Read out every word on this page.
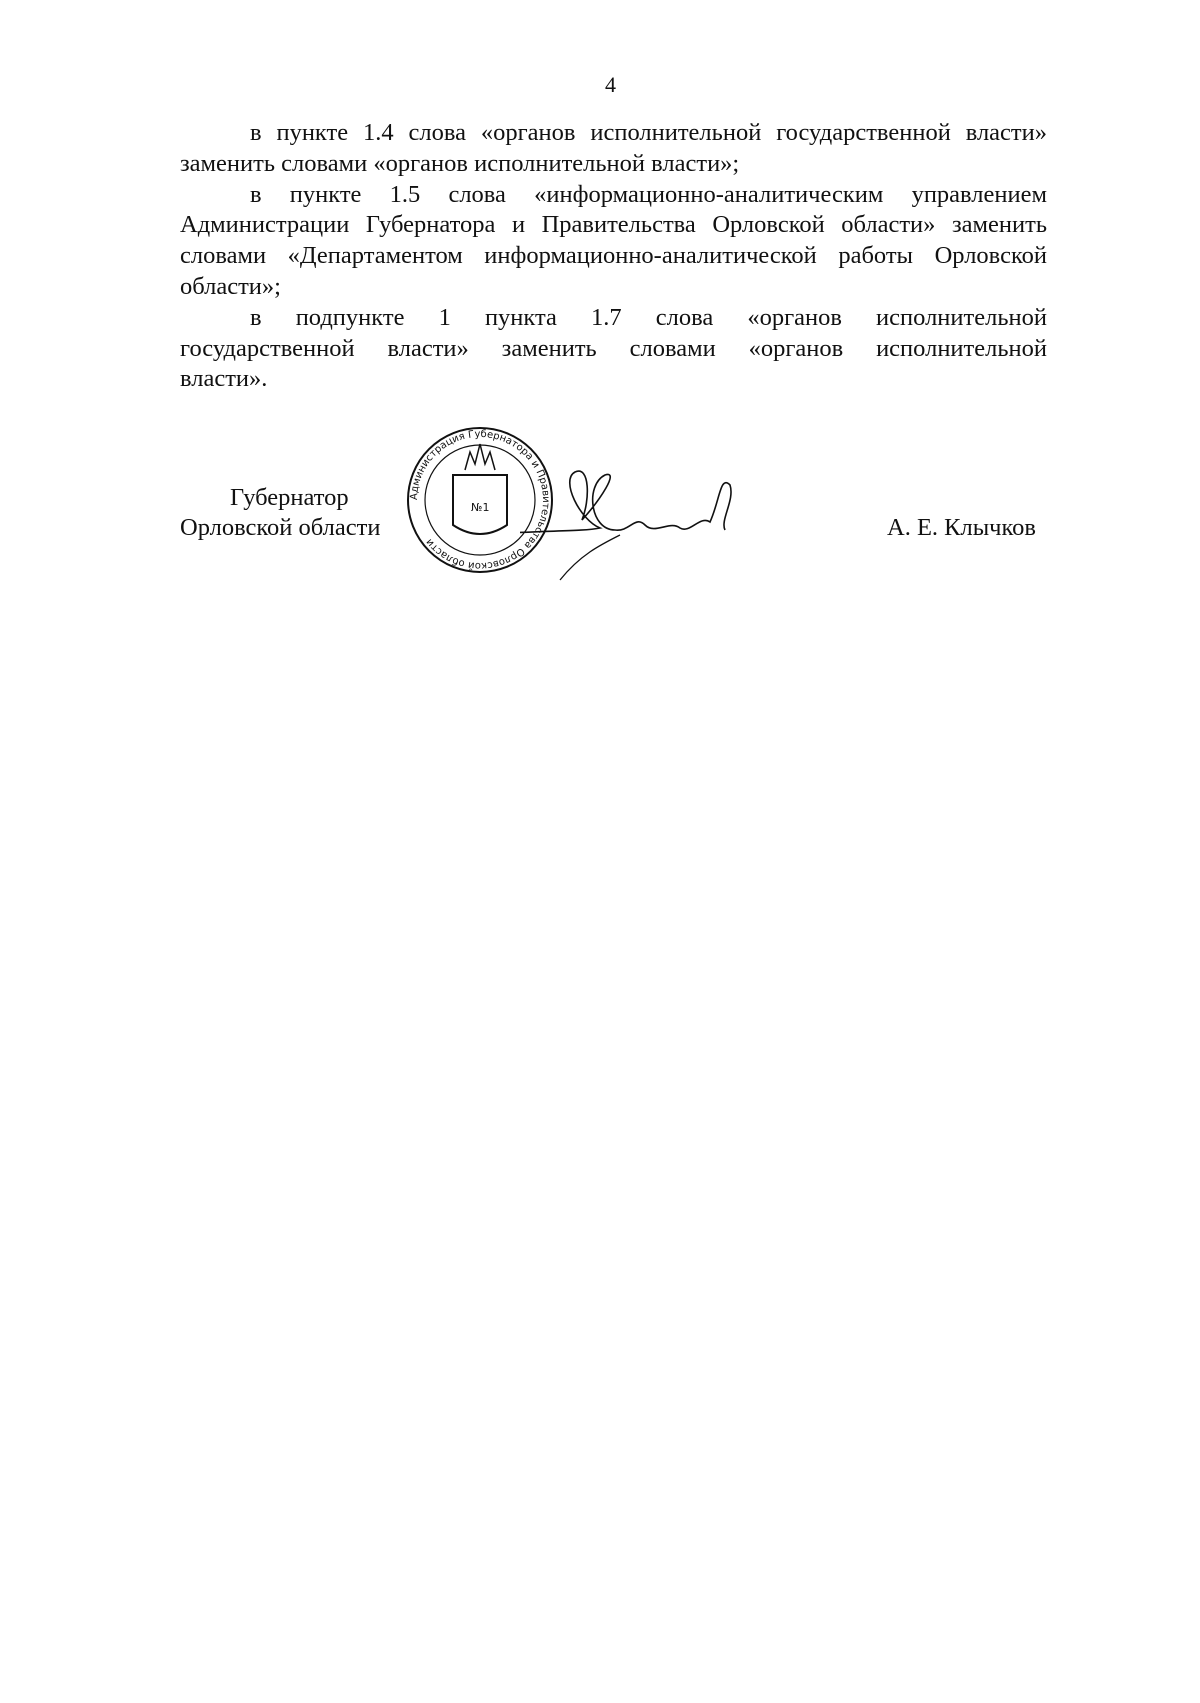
4
в пункте 1.4 слова «органов исполнительной государственной власти»
заменить словами «органов исполнительной власти»;
в пункте 1.5 слова «информационно-аналитическим управлением
Администрации Губернатора и Правительства Орловской области» заменить
словами «Департаментом информационно-аналитической работы Орловской
области»;
в подпункте 1 пункта 1.7 слова «органов исполнительной
государственной власти» заменить словами «органов исполнительной
власти».
Губернатор
Орловской области	А. Е. Клычков
Администрация Губернатора и Правительства Орловской области
№1
